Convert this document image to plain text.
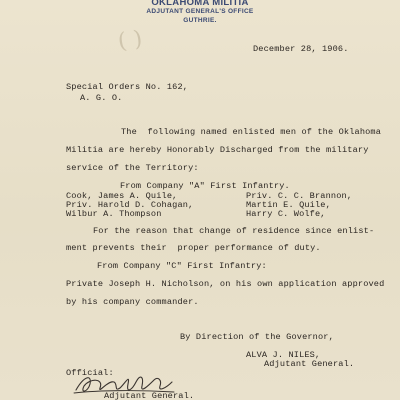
OKLAHOMA MILITIA
ADJUTANT GENERAL'S OFFICE
GUTHRIE.
( )	December 28, 1906.
Special Orders No. 162,
A. G. O.
The  following named enlisted men of the Oklahoma
Militia are hereby Honorably Discharged from the military
service of the Territory:
From Company "A" First Infantry.
Cook, James A. Quile,
Priv. Harold D. Cohagan,
Wilbur A. Thompson
Priv. C. C. Brannon,
Martin E. Quile,
Harry C. Wolfe,
For the reason that change of residence since enlist-
ment prevents their  proper performance of duty.
From Company "C" First Infantry:
Private Joseph H. Nicholson, on his own application approved
by his company commander.
By Direction of the Governor,
ALVA J. NILES,
Adjutant General.
Official:
Adjutant General.
